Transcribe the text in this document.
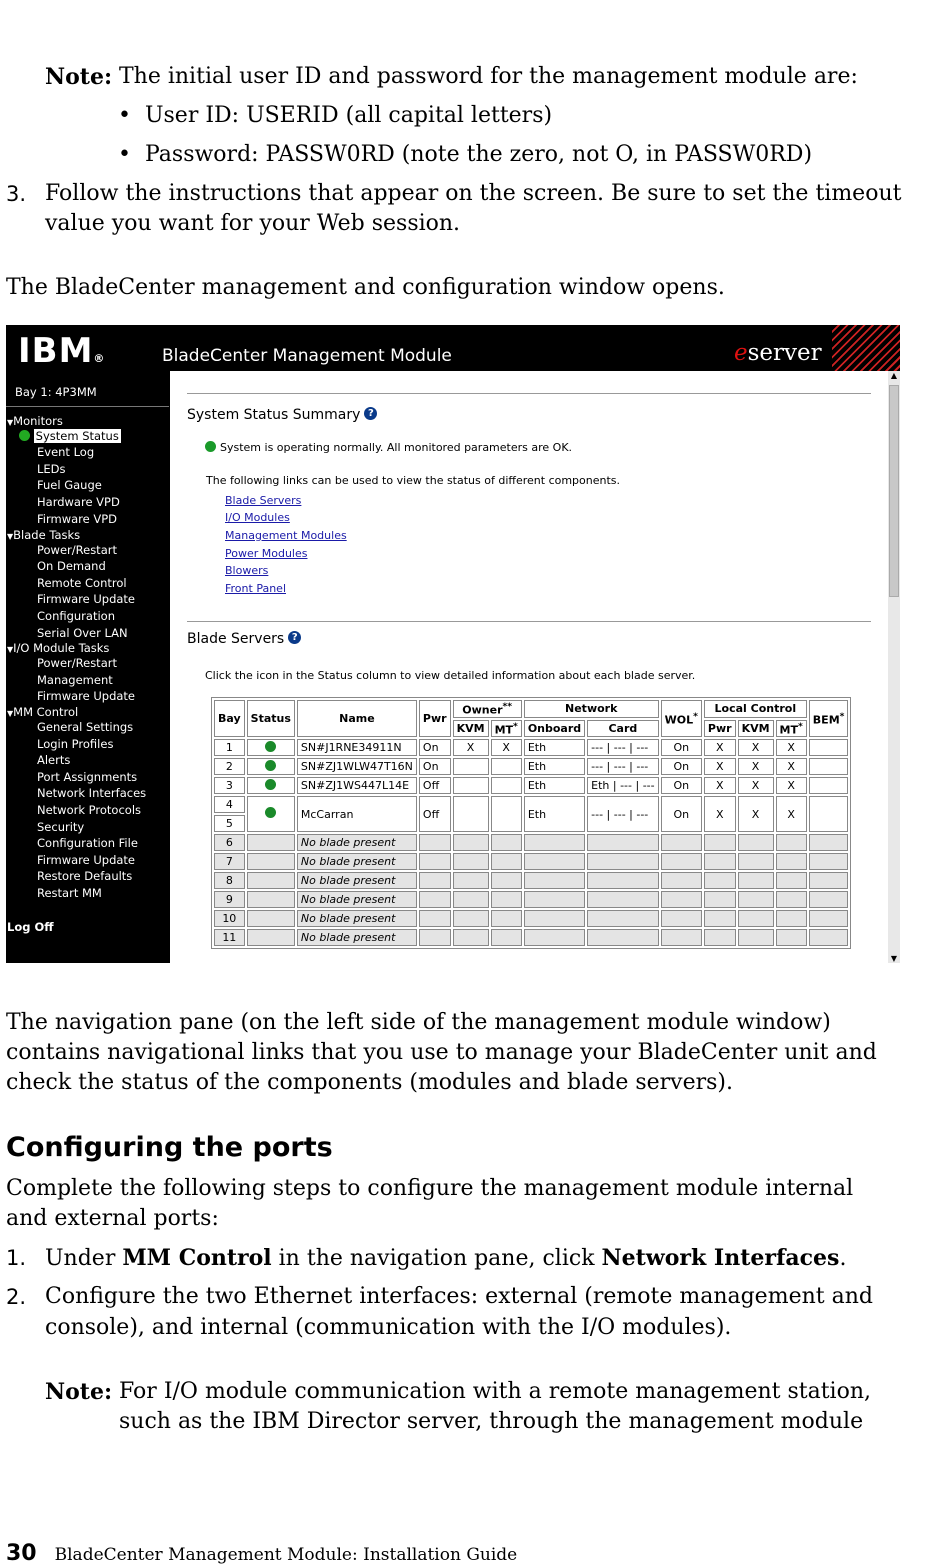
Note: The initial user ID and password for the management module are:
•  User ID: USERID (all capital letters)
•  Password: PASSW0RD (note the zero, not O, in PASSW0RD)
3. Follow the instructions that appear on the screen. Be sure to set the timeout
value you want for your Web session.
The BladeCenter management and configuration window opens.
IBM®	BladeCenter Management Module	eserver
Bay 1: 4P3MM
▼Monitors
System Status
Event Log
LEDs
Fuel Gauge
Hardware VPD
Firmware VPD
▼Blade Tasks
Power/Restart
On Demand
Remote Control
Firmware Update
Configuration
Serial Over LAN
▼I/O Module Tasks
Power/Restart
Management
Firmware Update
▼MM Control
General Settings
Login Profiles
Alerts
Port Assignments
Network Interfaces
Network Protocols
Security
Configuration File
Firmware Update
Restore Defaults
Restart MM
Log Off
System Status Summary ?
System is operating normally. All monitored parameters are OK.
The following links can be used to view the status of different components.
Blade Servers
I/O Modules
Management Modules
Power Modules
Blowers
Front Panel
Blade Servers ?
Click the icon in the Status column to view detailed information about each blade server.
Bay	Status	Name	Pwr	Owner**		Network		WOL*	Local Control			BEM*
				KVM	MT*	Onboard	Card		Pwr	KVM	MT*
1		SN#J1RNE34911N	On	X	X	Eth	--- | --- | ---	On	X	X	X	
2		SN#ZJ1WLW47T16N	On			Eth	--- | --- | ---	On	X	X	X	
3		SN#ZJ1WS447L14E	Off			Eth	Eth | --- | ---	On	X	X	X	
4		McCarran	Off			Eth	--- | --- | ---	On	X	X	X	
5												
6		No blade present										
7		No blade present										
8		No blade present										
9		No blade present										
10		No blade present										
11		No blade present										
▲
▼
The navigation pane (on the left side of the management module window)
contains navigational links that you use to manage your BladeCenter unit and
check the status of the components (modules and blade servers).
Configuring the ports
Complete the following steps to configure the management module internal
and external ports:
1. Under MM Control in the navigation pane, click Network Interfaces.
2. Configure the two Ethernet interfaces: external (remote management and
console), and internal (communication with the I/O modules).
Note: For I/O module communication with a remote management station,
such as the IBM Director server, through the management module
30 BladeCenter Management Module: Installation Guide
